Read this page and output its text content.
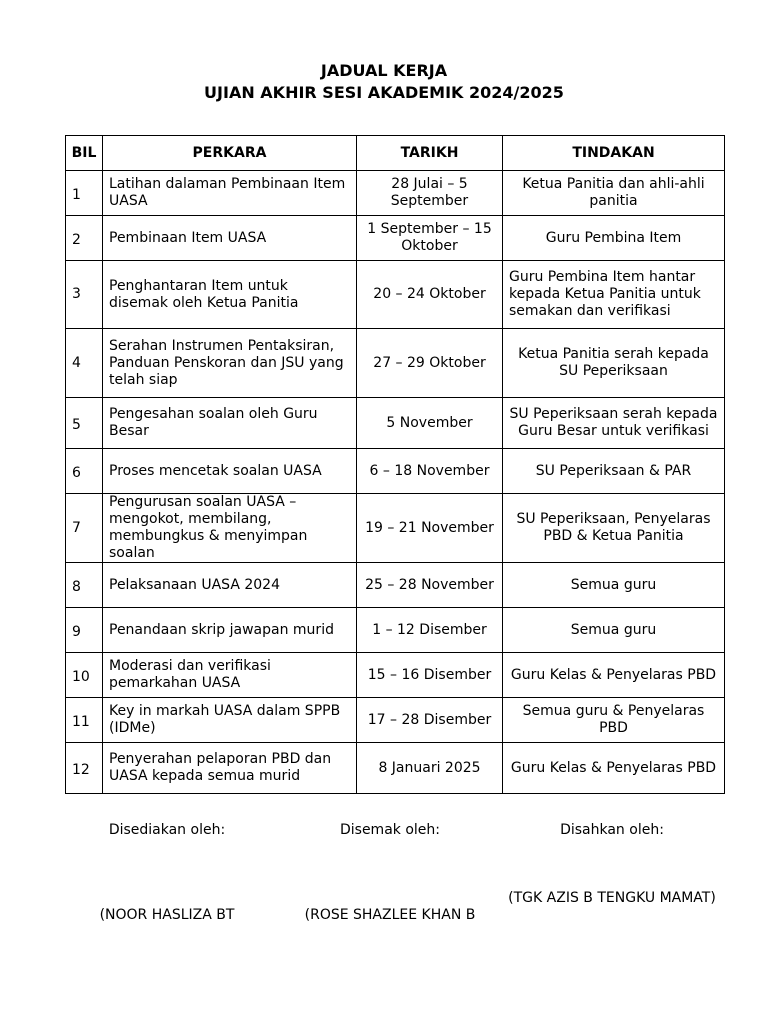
JADUAL KERJA
UJIAN AKHIR SESI AKADEMIK 2024/2025
BIL	PERKARA	TARIKH	TINDAKAN
1	Latihan dalaman Pembinaan Item UASA	28 Julai – 5 September	Ketua Panitia dan ahli-ahli panitia
2	Pembinaan Item UASA	1 September – 15 Oktober	Guru Pembina Item
3	Penghantaran Item untuk disemak oleh Ketua Panitia	20 – 24 Oktober	Guru Pembina Item hantar kepada Ketua Panitia untuk semakan dan verifikasi
4	Serahan Instrumen Pentaksiran, Panduan Penskoran dan JSU yang telah siap	27 – 29 Oktober	Ketua Panitia serah kepada SU Peperiksaan
5	Pengesahan soalan oleh Guru Besar	5 November	SU Peperiksaan serah kepada Guru Besar untuk verifikasi
6	Proses mencetak soalan UASA	6 – 18 November	SU Peperiksaan & PAR
7	Pengurusan soalan UASA – mengokot, membilang, membungkus & menyimpan soalan	19 – 21 November	SU Peperiksaan, Penyelaras PBD & Ketua Panitia
8	Pelaksanaan UASA 2024	25 – 28 November	Semua guru
9	Penandaan skrip jawapan murid	1 – 12 Disember	Semua guru
10	Moderasi dan verifikasi pemarkahan UASA	15 – 16 Disember	Guru Kelas & Penyelaras PBD
11	Key in markah UASA dalam SPPB (IDMe)	17 – 28 Disember	Semua guru & Penyelaras PBD
12	Penyerahan pelaporan PBD dan UASA kepada semua murid	8 Januari 2025	Guru Kelas & Penyelaras PBD
Disediakan oleh:	Disemak oleh:	Disahkan oleh:
(NOOR HASLIZA BT	(ROSE SHAZLEE KHAN B
(TGK AZIS B TENGKU MAMAT)
